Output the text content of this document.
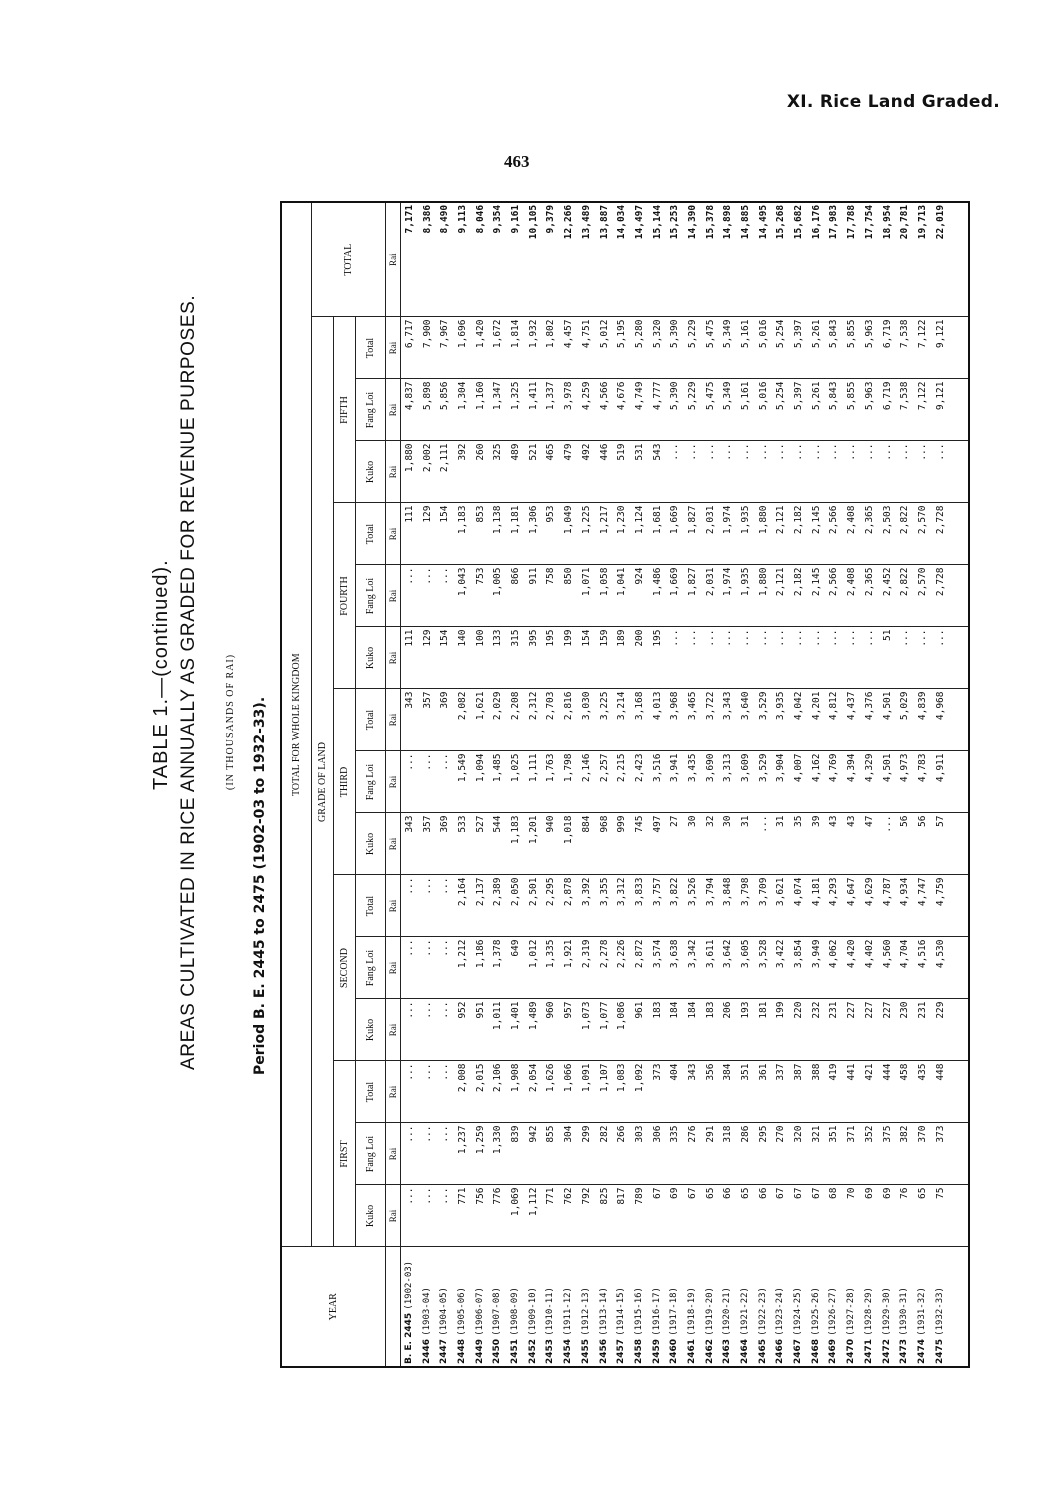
XI. Rice Land Graded.
463
TABLE 1.—(continued). AREAS CULTIVATED IN RICE ANNUALLY AS GRADED FOR REVENUE PURPOSES.	(IN THOUSANDS OF RAI) Period B. E. 2445 to 2475 (1902-03 to 1932-33).
YEAR	TOTAL FOR WHOLE KINGDOM															
	GRADE OF LAND															TOTAL
	FIRST			SECOND			THIRD			FOURTH			FIFTH			
	Kuko	Fang Loi	Total	Kuko	Fang Loi	Total	Kuko	Fang Loi	Total	Kuko	Fang Loi	Total	Kuko	Fang Loi	Total	
	Rai	Rai	Rai	Rai	Rai	Rai	Rai	Rai	Rai	Rai	Rai	Rai	Rai	Rai	Rai	Rai
B. E. 2445 (1902-03)	...	...	...	...	...	...	343	...	343	111	...	111	1,880	4,837	6,717	7,171
2446 (1903-04)	...	...	...	...	...	...	357	...	357	129	...	129	2,002	5,898	7,900	8,386
2447 (1904-05)	...	...	...	...	...	...	369	...	369	154	...	154	2,111	5,856	7,967	8,490
2448 (1905-06)	771	1,237	2,008	952	1,212	2,164	533	1,549	2,082	140	1,043	1,183	392	1,304	1,696	9,113
2449 (1906-07)	756	1,259	2,015	951	1,186	2,137	527	1,094	1,621	100	753	853	260	1,160	1,420	8,046
2450 (1907-08)	776	1,330	2,106	1,011	1,378	2,389	544	1,485	2,029	133	1,005	1,138	325	1,347	1,672	9,354
2451 (1908-09)	1,069	839	1,908	1,401	649	2,050	1,183	1,025	2,208	315	866	1,181	489	1,325	1,814	9,161
2452 (1909-10)	1,112	942	2,054	1,489	1,012	2,501	1,201	1,111	2,312	395	911	1,306	521	1,411	1,932	10,105
2453 (1910-11)	771	855	1,626	960	1,335	2,295	940	1,763	2,703	195	758	953	465	1,337	1,802	9,379
2454 (1911-12)	762	304	1,066	957	1,921	2,878	1,018	1,798	2,816	199	850	1,049	479	3,978	4,457	12,266
2455 (1912-13)	792	299	1,091	1,073	2,319	3,392	884	2,146	3,030	154	1,071	1,225	492	4,259	4,751	13,489
2456 (1913-14)	825	282	1,107	1,077	2,278	3,355	968	2,257	3,225	159	1,058	1,217	446	4,566	5,012	13,887
2457 (1914-15)	817	266	1,083	1,086	2,226	3,312	999	2,215	3,214	189	1,041	1,230	519	4,676	5,195	14,034
2458 (1915-16)	789	303	1,092	961	2,872	3,833	745	2,423	3,168	200	924	1,124	531	4,749	5,280	14,497
2459 (1916-17)	67	306	373	183	3,574	3,757	497	3,516	4,013	195	1,486	1,681	543	4,777	5,320	15,144
2460 (1917-18)	69	335	404	184	3,638	3,822	27	3,941	3,968	...	1,669	1,669	...	5,390	5,390	15,253
2461 (1918-19)	67	276	343	184	3,342	3,526	30	3,435	3,465	...	1,827	1,827	...	5,229	5,229	14,390
2462 (1919-20)	65	291	356	183	3,611	3,794	32	3,690	3,722	...	2,031	2,031	...	5,475	5,475	15,378
2463 (1920-21)	66	318	384	206	3,642	3,848	30	3,313	3,343	...	1,974	1,974	...	5,349	5,349	14,898
2464 (1921-22)	65	286	351	193	3,605	3,798	31	3,609	3,640	...	1,935	1,935	...	5,161	5,161	14,885
2465 (1922-23)	66	295	361	181	3,528	3,709	...	3,529	3,529	...	1,880	1,880	...	5,016	5,016	14,495
2466 (1923-24)	67	270	337	199	3,422	3,621	31	3,904	3,935	...	2,121	2,121	...	5,254	5,254	15,268
2467 (1924-25)	67	320	387	220	3,854	4,074	35	4,007	4,042	...	2,182	2,182	...	5,397	5,397	15,682
2468 (1925-26)	67	321	388	232	3,949	4,181	39	4,162	4,201	...	2,145	2,145	...	5,261	5,261	16,176
2469 (1926-27)	68	351	419	231	4,062	4,293	43	4,769	4,812	...	2,566	2,566	...	5,843	5,843	17,983
2470 (1927-28)	70	371	441	227	4,420	4,647	43	4,394	4,437	...	2,408	2,408	...	5,855	5,855	17,788
2471 (1928-29)	69	352	421	227	4,402	4,629	47	4,329	4,376	...	2,365	2,365	...	5,963	5,963	17,754
2472 (1929-30)	69	375	444	227	4,560	4,787	...	4,501	4,501	51	2,452	2,503	...	6,719	6,719	18,954
2473 (1930-31)	76	382	458	230	4,704	4,934	56	4,973	5,029	...	2,822	2,822	...	7,538	7,538	20,781
2474 (1931-32)	65	370	435	231	4,516	4,747	56	4,783	4,839	...	2,570	2,570	...	7,122	7,122	19,713
2475 (1932-33)	75	373	448	229	4,530	4,759	57	4,911	4,968	...	2,728	2,728	...	9,121	9,121	22,019
